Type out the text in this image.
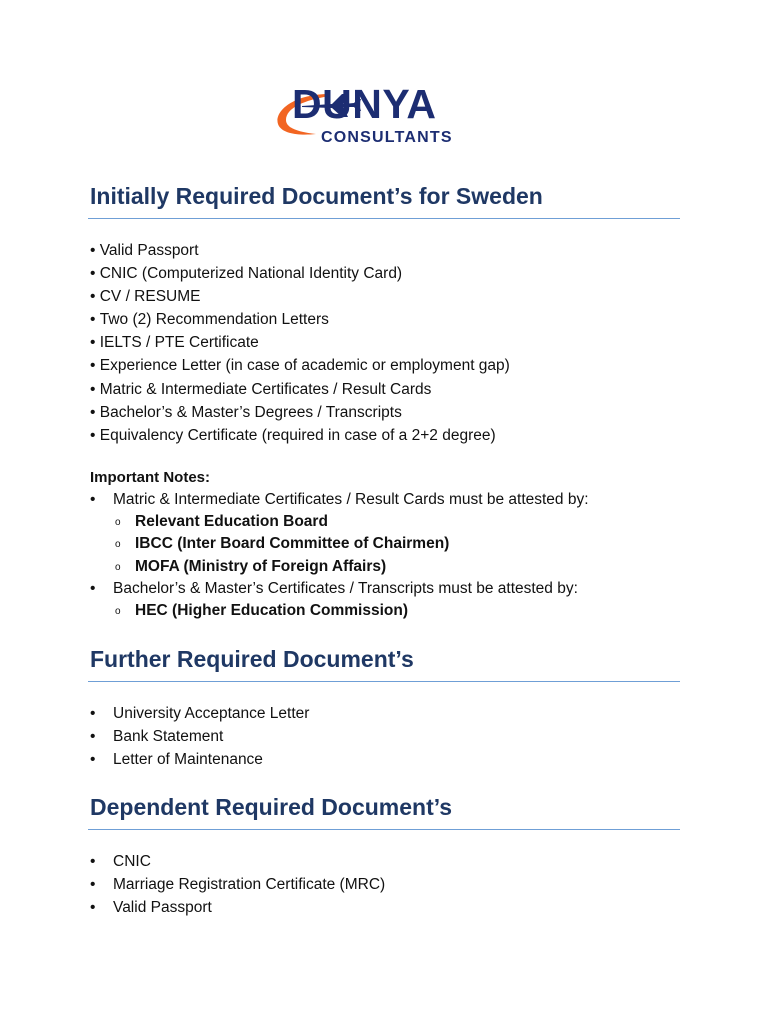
DUNYA
CONSULTANTS
Initially Required Document’s for Sweden
• Valid Passport
• CNIC (Computerized National Identity Card)
• CV / RESUME
• Two (2) Recommendation Letters
• IELTS / PTE Certificate
• Experience Letter (in case of academic or employment gap)
• Matric & Intermediate Certificates / Result Cards
• Bachelor’s & Master’s Degrees / Transcripts
• Equivalency Certificate (required in case of a 2+2 degree)

Important Notes:

• Matric & Intermediate Certificates / Result Cards must be attested by:
o Relevant Education Board
o IBCC (Inter Board Committee of Chairmen)
o MOFA (Ministry of Foreign Affairs)
• Bachelor’s & Master’s Certificates / Transcripts must be attested by:
o HEC (Higher Education Commission)
Further Required Document’s
• University Acceptance Letter
• Bank Statement
• Letter of Maintenance
Dependent Required Document’s
• CNIC
• Marriage Registration Certificate (MRC)
• Valid Passport
